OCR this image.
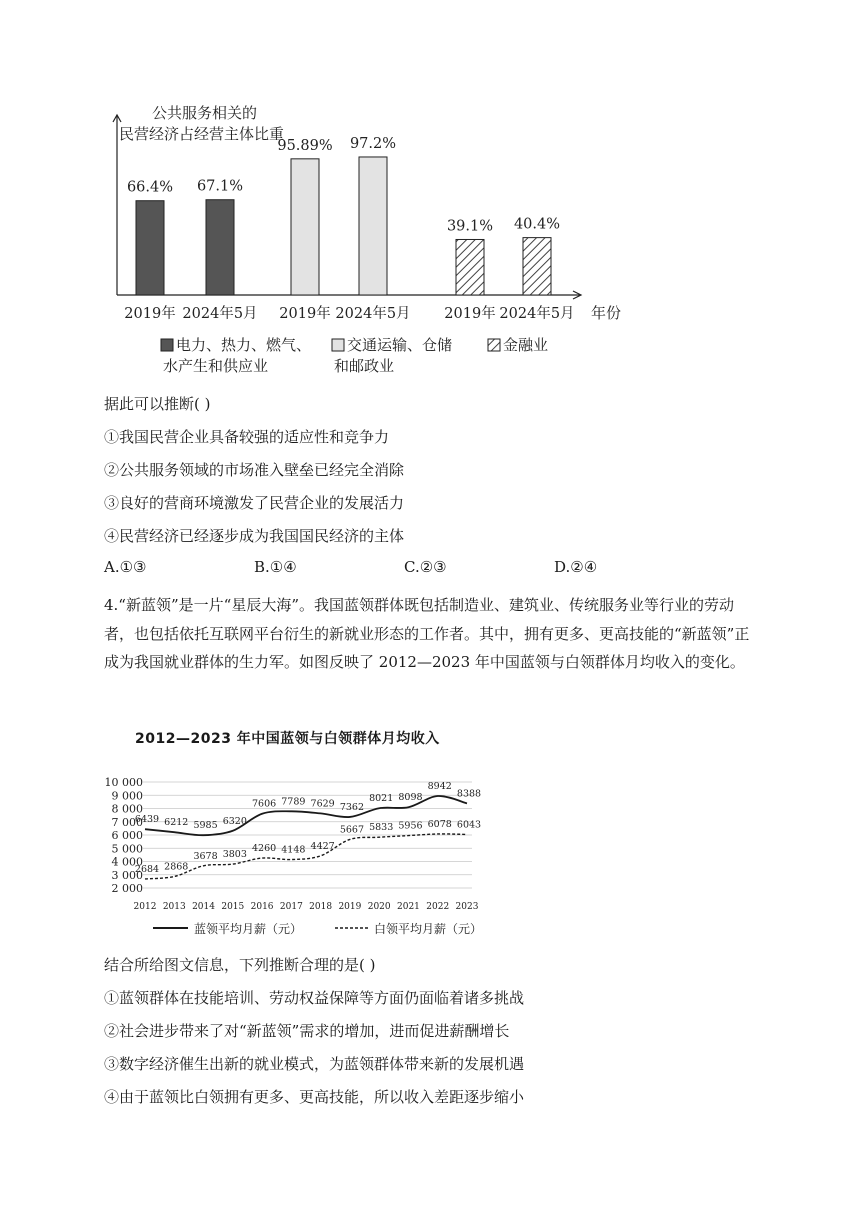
公共服务相关的
民营经济占经营主体比重
年份
66.4%
2019年
67.1%
2024年5月
95.89%
2019年
97.2%
2024年5月
39.1%
2019年
40.4%
2024年5月
电力、热力、燃气、
水产生和供应业
交通运输、仓储
和邮政业
金融业
据此可以推断( )
①我国民营企业具备较强的适应性和竞争力
②公共服务领域的市场准入壁垒已经完全消除
③良好的营商环境激发了民营企业的发展活力
④民营经济已经逐步成为我国国民经济的主体
A.①③	B.①④	C.②③	D.②④
4.“新蓝领”是一片“星辰大海”。我国蓝领群体既包括制造业、建筑业、传统服务业等行业的劳动者，也包括依托互联网平台衍生的新就业形态的工作者。其中，拥有更多、更高技能的“新蓝领”正成为我国就业群体的生力军。如图反映了 2012—2023 年中国蓝领与白领群体月均收入的变化。
2012—2023 年中国蓝领与白领群体月均收入
2 000
3 000
4 000
5 000
6 000
7 000
8 000
9 000
10 000
2012 2013 2014 2015 2016 2017 2018 2019 2020 2021 2022 2023
6439 6212 5985 6320
7606 7789 7629 7362
8021 8098
8942
8388
2684 2868
3678 3803
4260 4148 4427
5667 5833 5956 6078 6043
蓝领平均月薪（元）	白领平均月薪（元）
结合所给图文信息，下列推断合理的是( )
①蓝领群体在技能培训、劳动权益保障等方面仍面临着诸多挑战
②社会进步带来了对“新蓝领”需求的增加，进而促进薪酬增长
③数字经济催生出新的就业模式，为蓝领群体带来新的发展机遇
④由于蓝领比白领拥有更多、更高技能，所以收入差距逐步缩小
